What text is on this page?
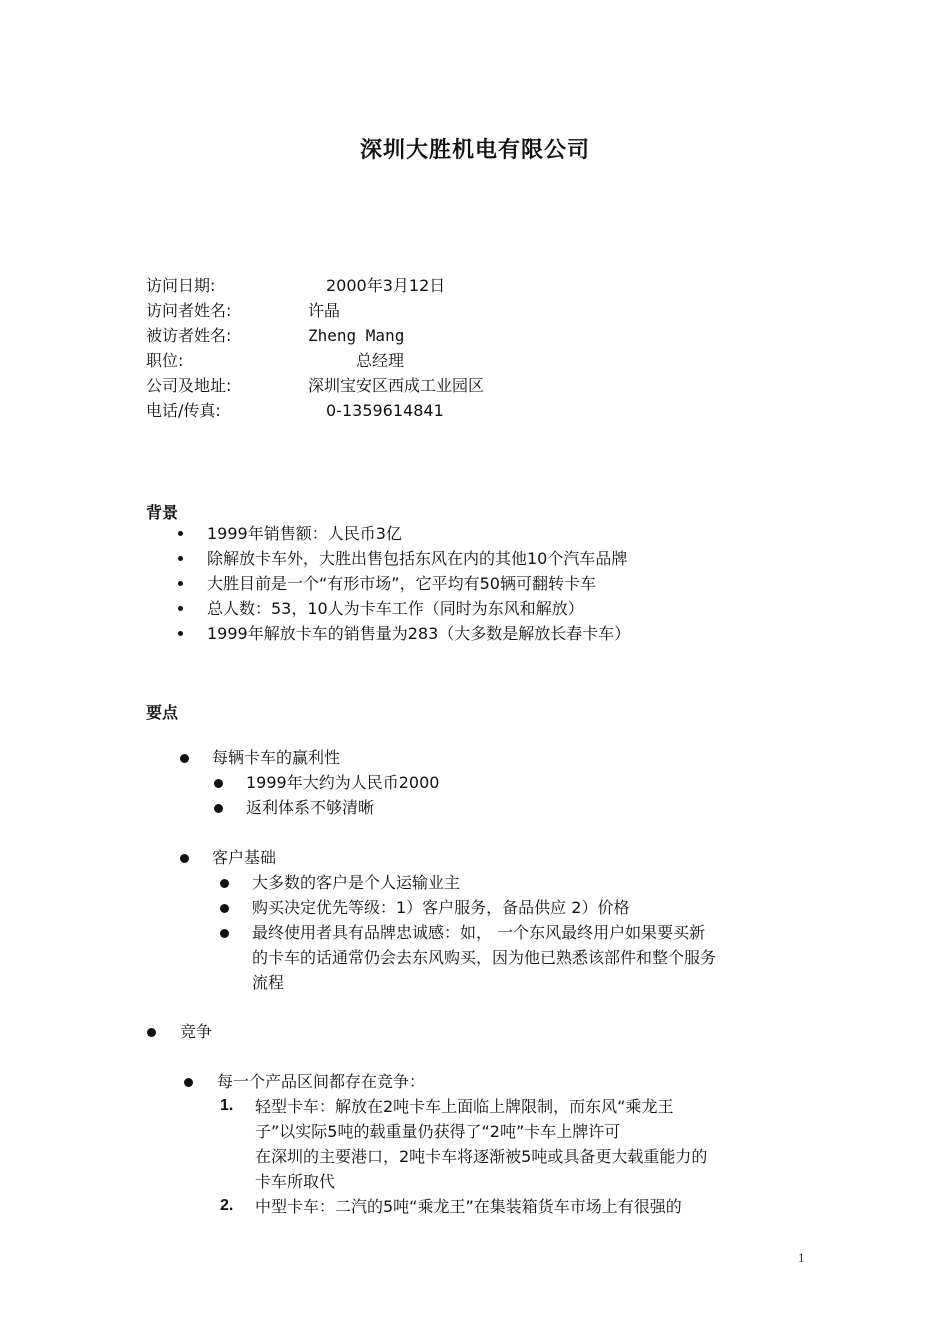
深圳大胜机电有限公司
访问日期:	2000年3月12日
访问者姓名:	许晶
被访者姓名:	Zheng Mang
职位:	总经理
公司及地址:	深圳宝安区西成工业园区
电话/传真:	0-1359614841
背景
1999年销售额：人民币3亿
除解放卡车外，大胜出售包括东风在内的其他10个汽车品牌
大胜目前是一个“有形市场”，它平均有50辆可翻转卡车
总人数：53，10人为卡车工作（同时为东风和解放）
1999年解放卡车的销售量为283（大多数是解放长春卡车）
要点
每辆卡车的赢利性
1999年大约为人民币2000
返利体系不够清晰
客户基础
大多数的客户是个人运输业主
购买决定优先等级：1）客户服务，备品供应 2）价格
最终使用者具有品牌忠诚感：如， 一个东风最终用户如果要买新
的卡车的话通常仍会去东风购买，因为他已熟悉该部件和整个服务
流程
竞争
每一个产品区间都存在竞争：
1. 轻型卡车：解放在2吨卡车上面临上牌限制，而东风“乘龙王
子”以实际5吨的载重量仍获得了“2吨”卡车上牌许可
在深圳的主要港口，2吨卡车将逐渐被5吨或具备更大载重能力的
卡车所取代
2. 中型卡车：二汽的5吨“乘龙王”在集装箱货车市场上有很强的
1
